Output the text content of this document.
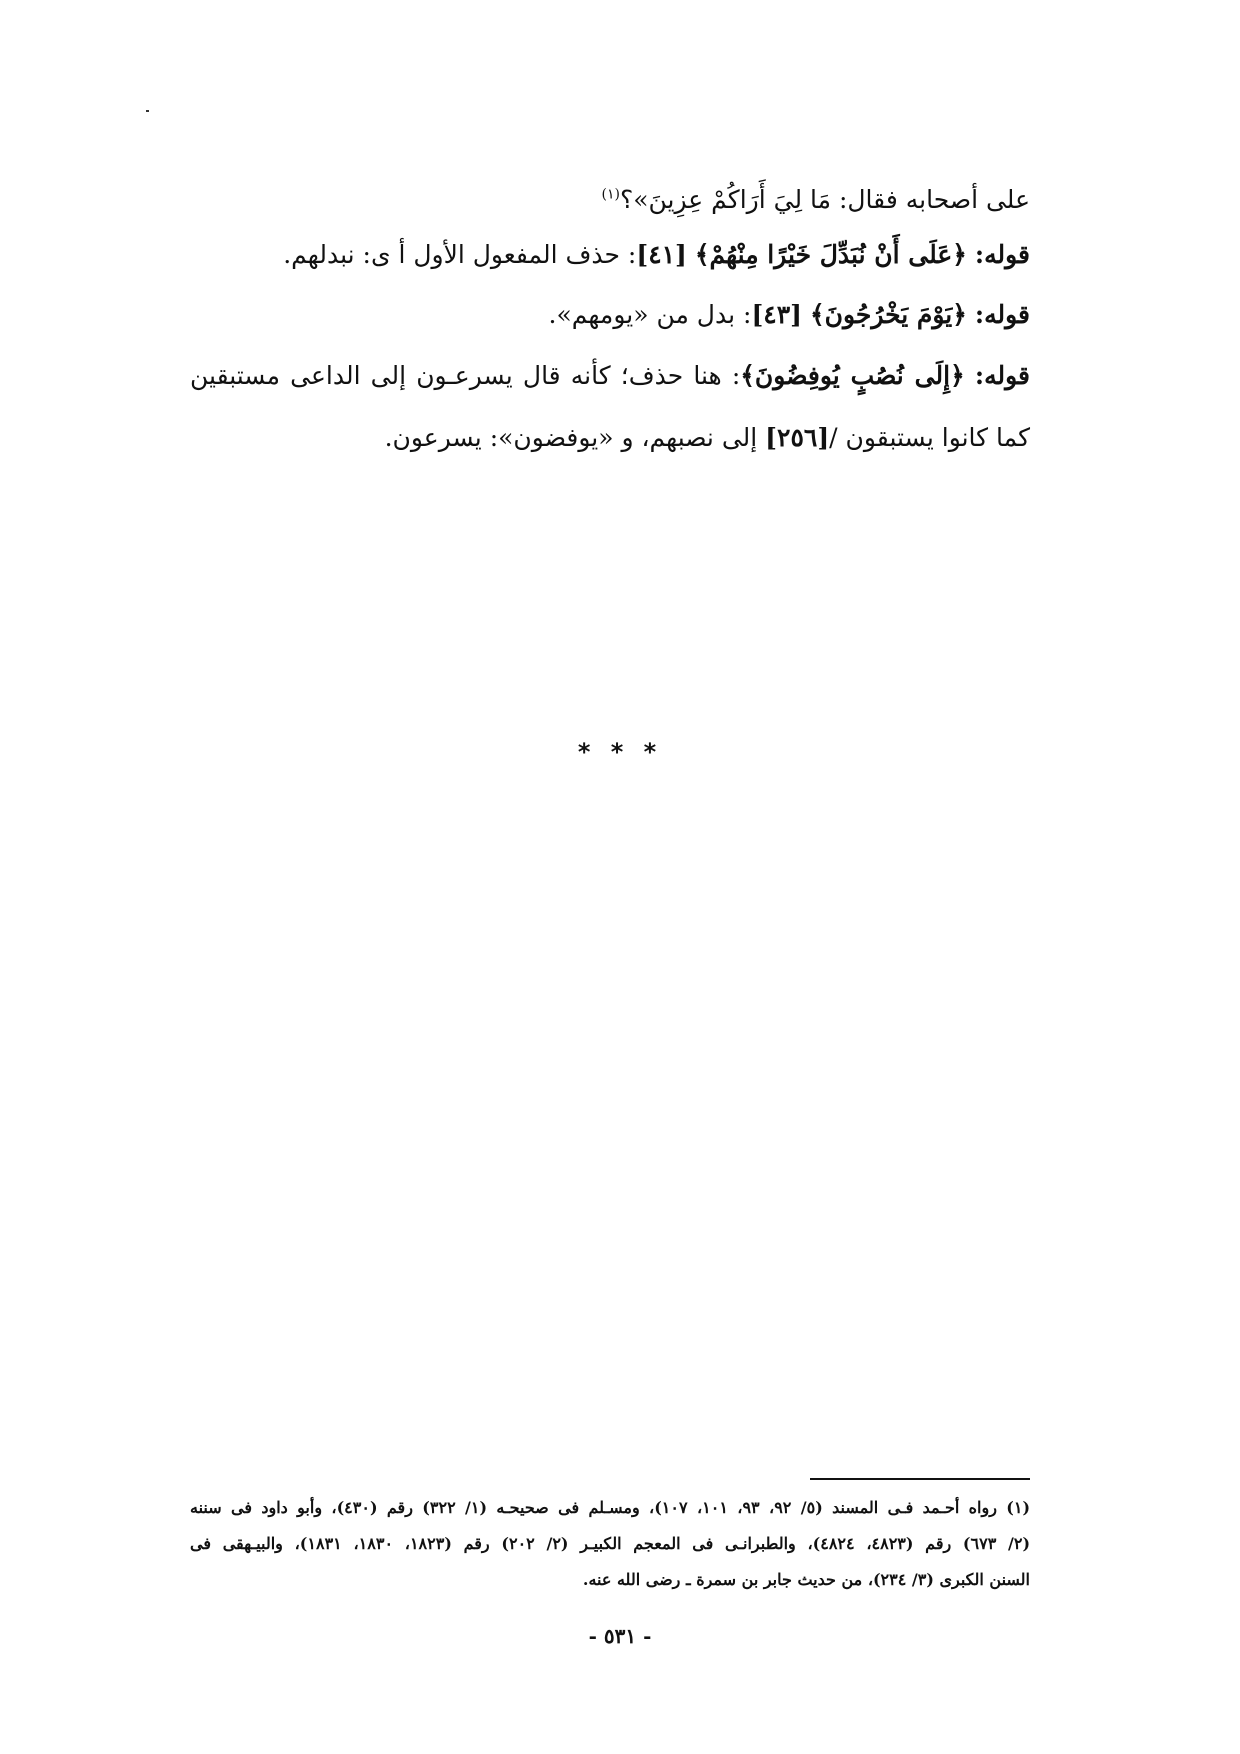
على أصحابه فقال: مَا لِيَ أَرَاكُمْ عِزِينَ»؟$^{(١)}$
قوله: ﴿عَلَى أَنْ نُبَدِّلَ خَيْرًا مِنْهُمْ﴾ [٤١]: حذف المفعول الأول أ ى: نبدلهم.
قوله: ﴿يَوْمَ يَخْرُجُونَ﴾ [٤٣]: بدل من «يومهم».
قوله: ﴿إِلَى نُصُبٍ يُوفِضُونَ﴾: هنا حذف؛ كأنه قال يسرعـون إلى الداعى مستبقين
كما كانوا يستبقون /[٢٥٦] إلى نصبهم، و «يوفضون»: يسرعون.
* * *
(١) رواه أحـمد فـى المسند (٥/ ٩٢، ٩٣، ١٠١، ١٠٧)، ومسـلم فى صحيحـه (١/ ٣٢٢) رقم (٤٣٠)، وأبو داود فى سننه
(٢/ ٦٧٣) رقم (٤٨٢٣، ٤٨٢٤)، والطبرانـى فى المعجم الكبيـر (٢/ ٢٠٢) رقم (١٨٢٣، ١٨٣٠، ١٨٣١)، والبيـهقى فى
السنن الكبرى (٣/ ٢٣٤)، من حديث جابر بن سمرة ـ رضى الله عنه.
- ٥٣١ -
